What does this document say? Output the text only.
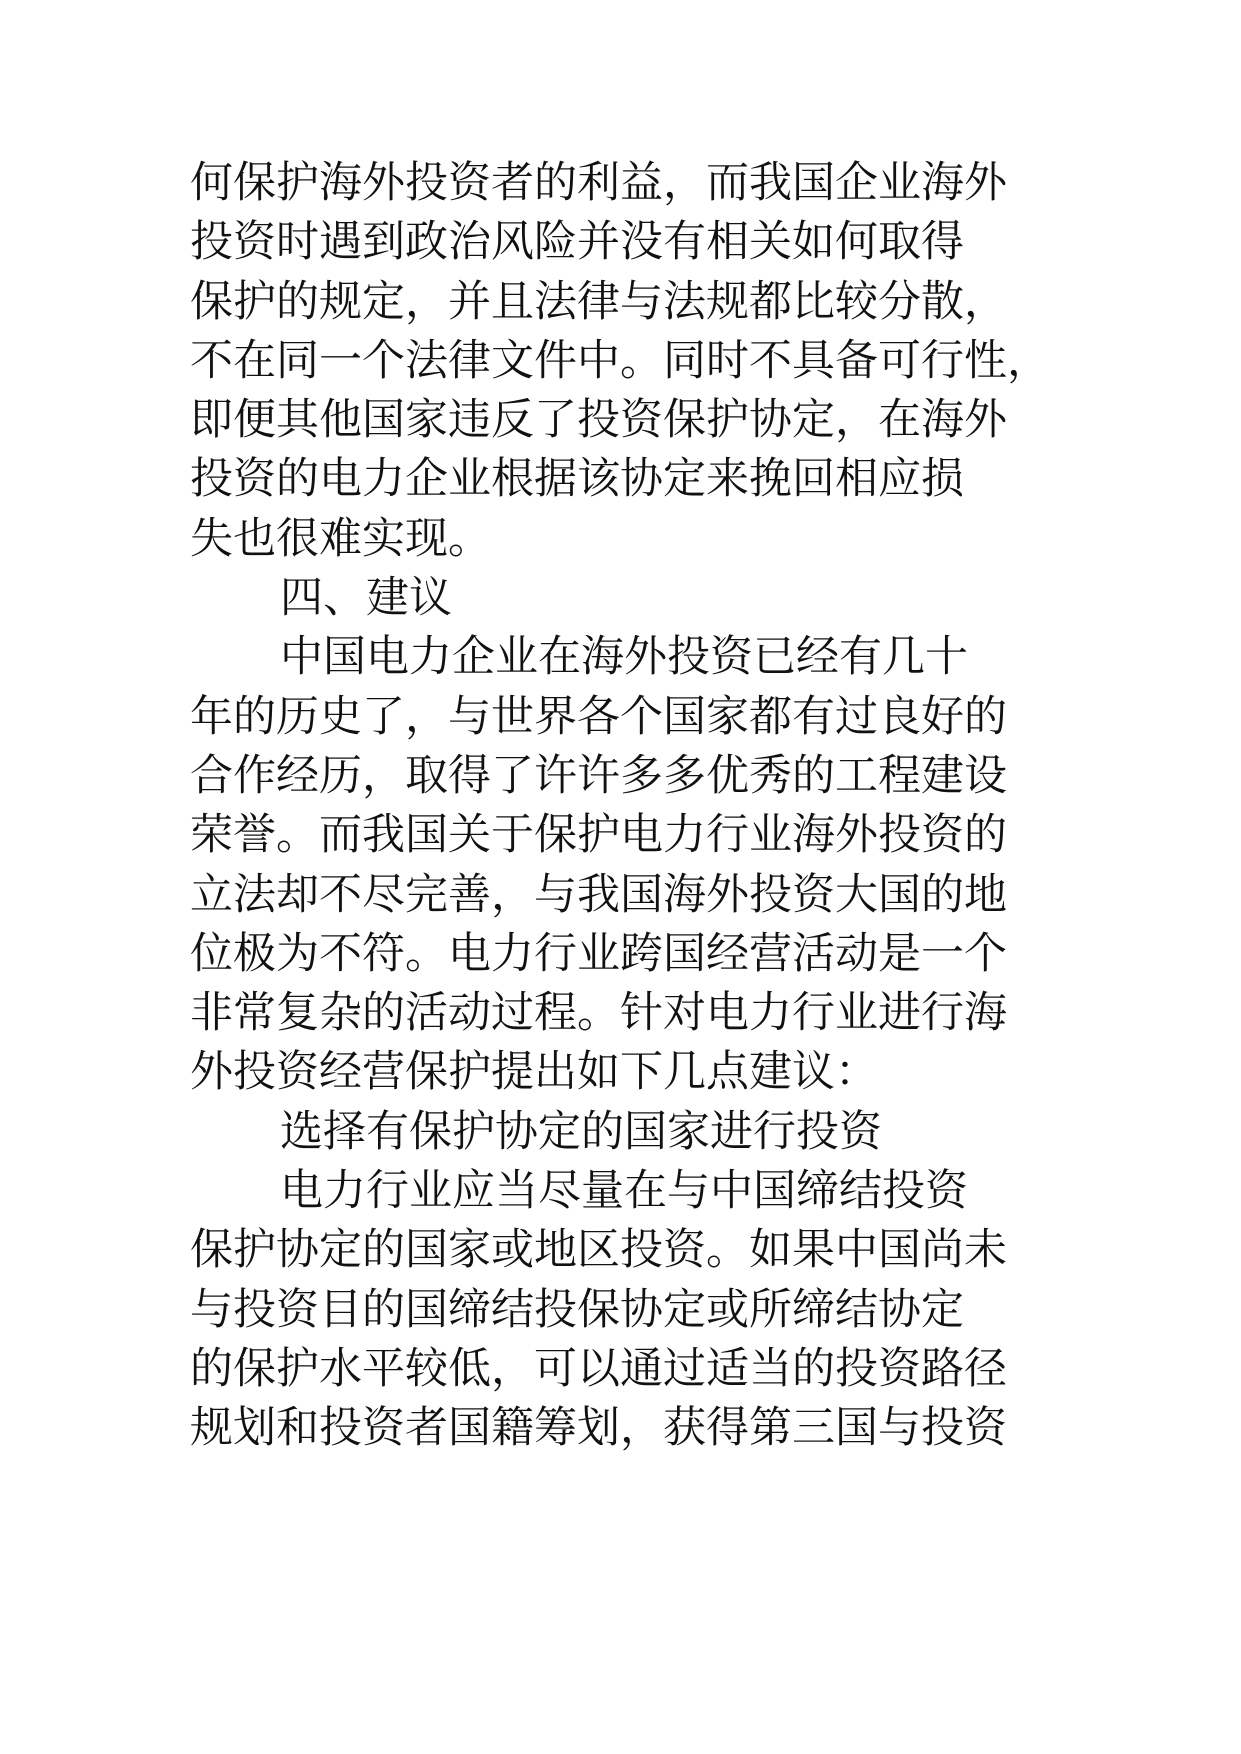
何保护海外投资者的利益，而我国企业海外
投资时遇到政治风险并没有相关如何取得
保护的规定，并且法律与法规都比较分散，
不在同一个法律文件中。同时不具备可行性，
即便其他国家违反了投资保护协定，在海外
投资的电力企业根据该协定来挽回相应损
失也很难实现。
四、建议
中国电力企业在海外投资已经有几十
年的历史了，与世界各个国家都有过良好的
合作经历，取得了许许多多优秀的工程建设
荣誉。而我国关于保护电力行业海外投资的
立法却不尽完善，与我国海外投资大国的地
位极为不符。电力行业跨国经营活动是一个
非常复杂的活动过程。针对电力行业进行海
外投资经营保护提出如下几点建议：
选择有保护协定的国家进行投资
电力行业应当尽量在与中国缔结投资
保护协定的国家或地区投资。如果中国尚未
与投资目的国缔结投保协定或所缔结协定
的保护水平较低，可以通过适当的投资路径
规划和投资者国籍筹划，获得第三国与投资
